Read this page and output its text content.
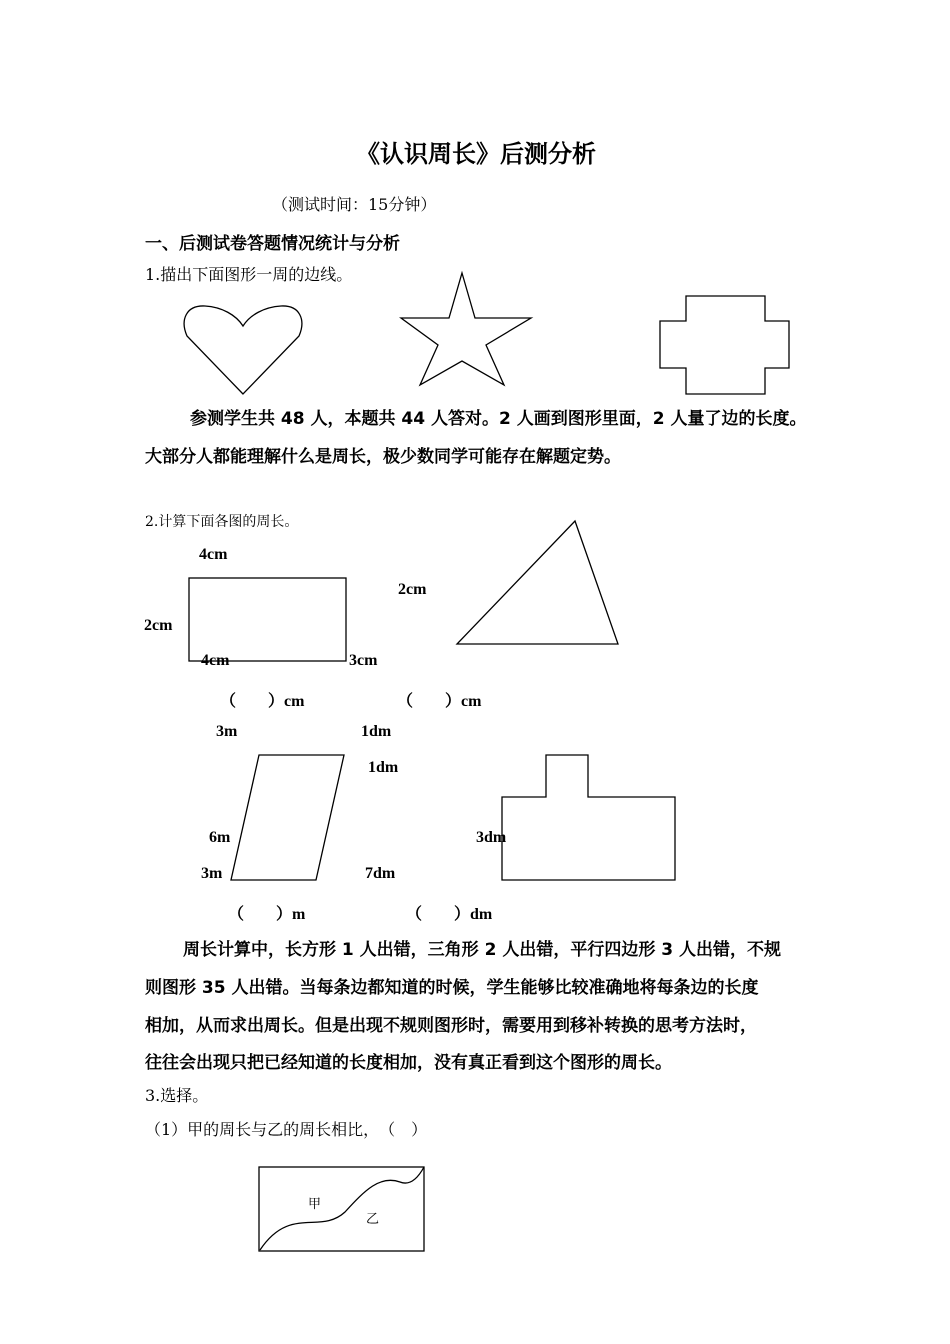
《认识周长》后测分析
（测试时间：15分钟）
一、后测试卷答题情况统计与分析
1.描出下面图形一周的边线。
参测学生共 48 人，本题共 44 人答对。2 人画到图形里面，2 人量了边的长度。
大部分人都能理解什么是周长，极少数同学可能存在解题定势。
2.计算下面各图的周长。
4cm
2cm
4cm
（　　）cm
2cm
3cm
（　　）cm
3m
6m
3m
（　　）m
1dm
1dm
3dm
7dm
（　　）dm
周长计算中，长方形 1 人出错，三角形 2 人出错，平行四边形 3 人出错，不规
则图形 35 人出错。当每条边都知道的时候，学生能够比较准确地将每条边的长度
相加，从而求出周长。但是出现不规则图形时，需要用到移补转换的思考方法时，
往往会出现只把已经知道的长度相加，没有真正看到这个图形的周长。
3.选择。
（1）甲的周长与乙的周长相比，　（　）
甲
乙
